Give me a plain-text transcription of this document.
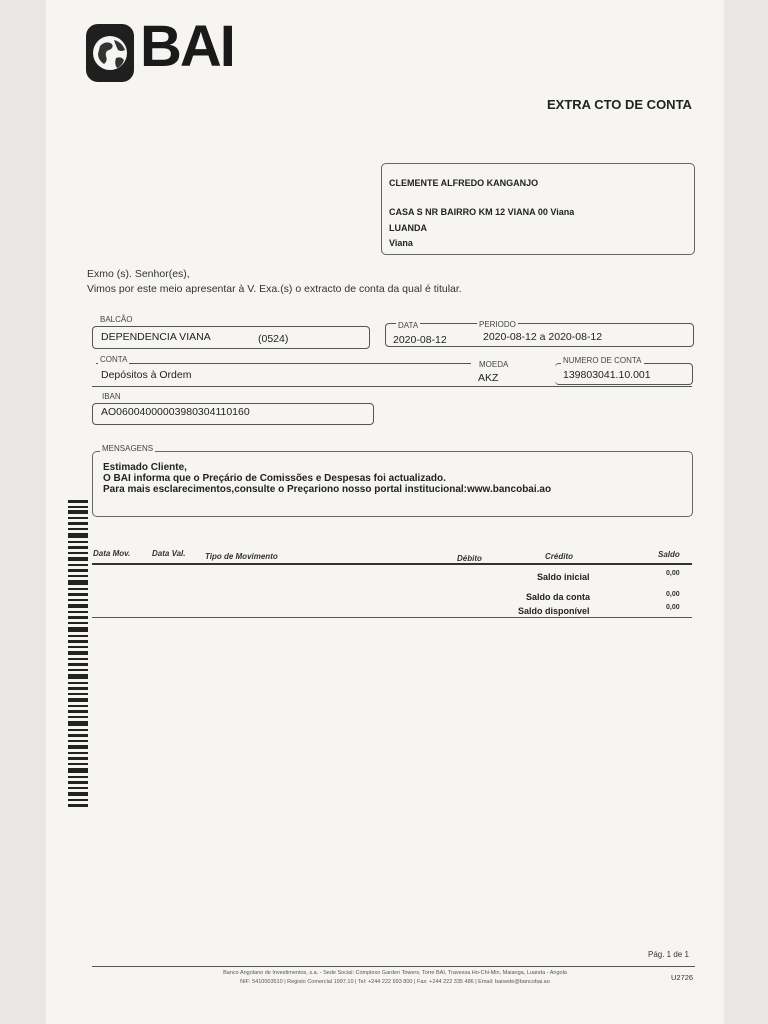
BAI
EXTRA CTO DE CONTA
CLEMENTE ALFREDO KANGANJO
CASA S NR BAIRRO KM 12 VIANA 00 Viana
LUANDA
Viana
Exmo (s). Senhor(es),
Vimos por este meio apresentar à V. Exa.(s) o extracto de conta da qual é titular.
BALCÃO
DEPENDENCIA VIANA	(0524)
DATA	PERIODO
2020-08-12	2020-08-12 a 2020-08-12
CONTA
Depósitos à Ordem
MOEDA
AKZ
NUMERO DE CONTA
139803041.10.001
IBAN
AO06004000003980304110160
MENSAGENS
Estimado Cliente,
O BAI informa que o Preçário de Comissões e Despesas foi actualizado.
Para mais esclarecimentos,consulte o Preçariono nosso portal institucional:www.bancobai.ao
Data Mov.	Data Val. Tipo de Movimento	Débito	Crédito	Saldo
Saldo inicial	0,00
Saldo da conta	0,00
Saldo disponível	0,00
Pág. 1 de 1
Banco Angolano de Investimentos, s.a. - Sede Social: Complexo Garden Towers, Torre BAI, Travessa Ho-Chi-Min, Maianga, Luanda - Angola
NIF: 5410003510 | Registo Comercial 1997.10 | Tel: +244 222 693 800 | Fax: +244 222 335 486 | Email: baisede@bancobai.ao	U2726
